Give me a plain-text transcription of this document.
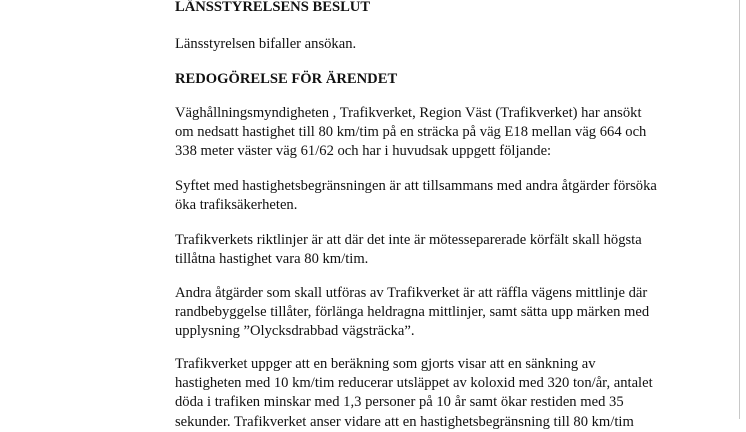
LÄNSSTYRELSENS BESLUT
Länsstyrelsen bifaller ansökan.
REDOGÖRELSE FÖR ÄRENDET
Väghållningsmyndigheten , Trafikverket, Region Väst (Trafikverket) har ansökt
om nedsatt hastighet till 80 km/tim på en sträcka på väg E18 mellan väg 664 och
338 meter väster väg 61/62 och har i huvudsak uppgett följande:
Syftet med hastighetsbegränsningen är att tillsammans med andra åtgärder försöka
öka trafiksäkerheten.
Trafikverkets riktlinjer är att där det inte är mötesseparerade körfält skall högsta
tillåtna hastighet vara 80 km/tim.
Andra åtgärder som skall utföras av Trafikverket är att räffla vägens mittlinje där
randbebyggelse tillåter, förlänga heldragna mittlinjer, samt sätta upp märken med
upplysning ”Olycksdrabbad vägsträcka”.
Trafikverket uppger att en beräkning som gjorts visar att en sänkning av
hastigheten med 10 km/tim reducerar utsläppet av koloxid med 320 ton/år, antalet
döda i trafiken minskar med 1,3 personer på 10 år samt ökar restiden med 35
sekunder. Trafikverket anser vidare att en hastighetsbegränsning till 80 km/tim
